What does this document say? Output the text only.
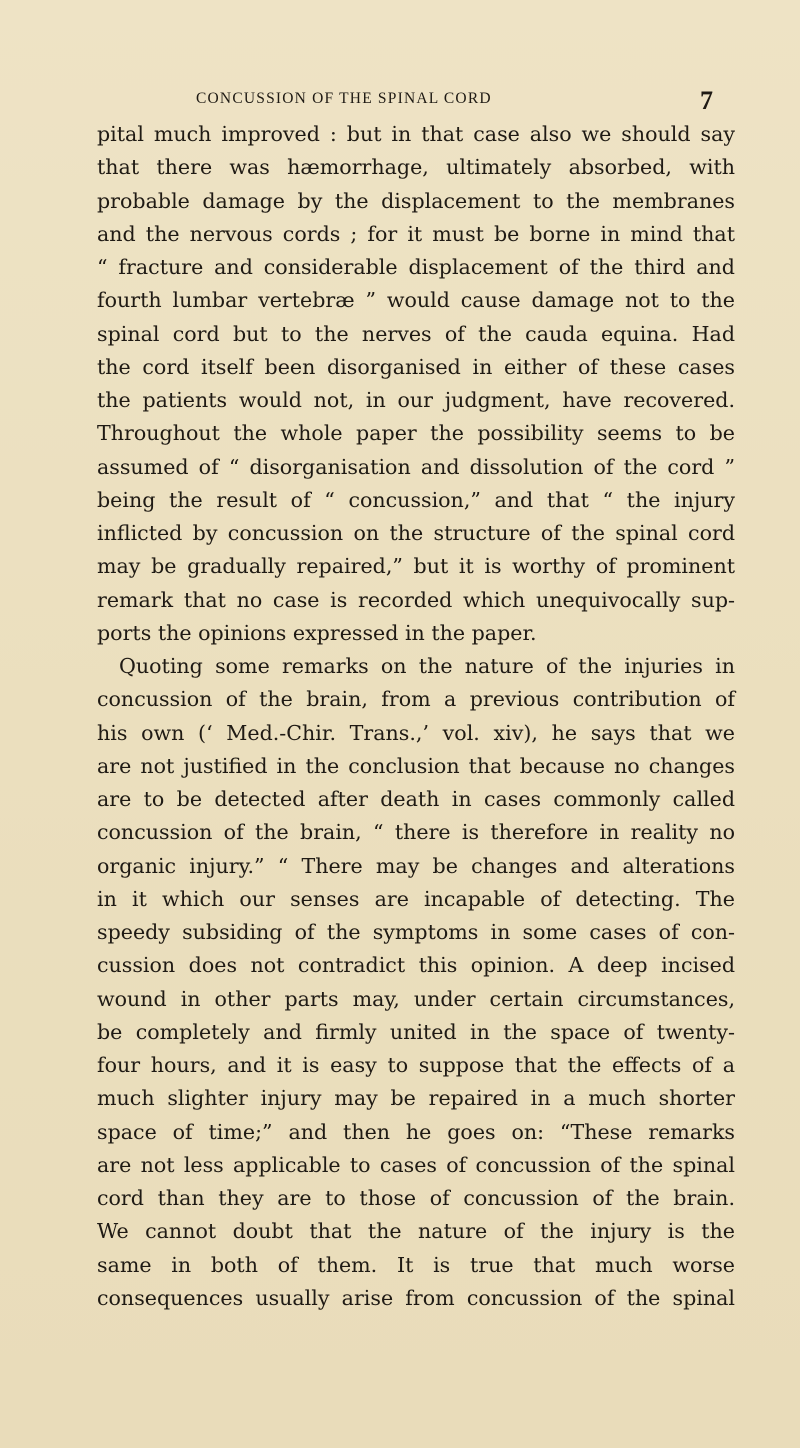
CONCUSSION OF THE SPINAL CORD	7
pital much improved : but in that case also we should say
that there was hæmorrhage, ultimately absorbed, with
probable damage by the displacement to the membranes
and the nervous cords ; for it must be borne in mind that
“ fracture and considerable displacement of the third and
fourth lumbar vertebræ ” would cause damage not to the
spinal cord but to the nerves of the cauda equina. Had
the cord itself been disorganised in either of these cases
the patients would not, in our judgment, have recovered.
Throughout the whole paper the possibility seems to be
assumed of “ disorganisation and dissolution of the cord ”
being the result of “ concussion,” and that “ the injury
inflicted by concussion on the structure of the spinal cord
may be gradually repaired,” but it is worthy of prominent
remark that no case is recorded which unequivocally sup-
ports the opinions expressed in the paper.
Quoting some remarks on the nature of the injuries in
concussion of the brain, from a previous contribution of
his own (‘ Med.-Chir. Trans.,’ vol. xiv), he says that we
are not justified in the conclusion that because no changes
are to be detected after death in cases commonly called
concussion of the brain, “ there is therefore in reality no
organic injury.” “ There may be changes and alterations
in it which our senses are incapable of detecting. The
speedy subsiding of the symptoms in some cases of con-
cussion does not contradict this opinion. A deep incised
wound in other parts may, under certain circumstances,
be completely and firmly united in the space of twenty-
four hours, and it is easy to suppose that the effects of a
much slighter injury may be repaired in a much shorter
space of time;” and then he goes on: “These remarks
are not less applicable to cases of concussion of the spinal
cord than they are to those of concussion of the brain.
We cannot doubt that the nature of the injury is the
same in both of them. It is true that much worse
consequences usually arise from concussion of the spinal
